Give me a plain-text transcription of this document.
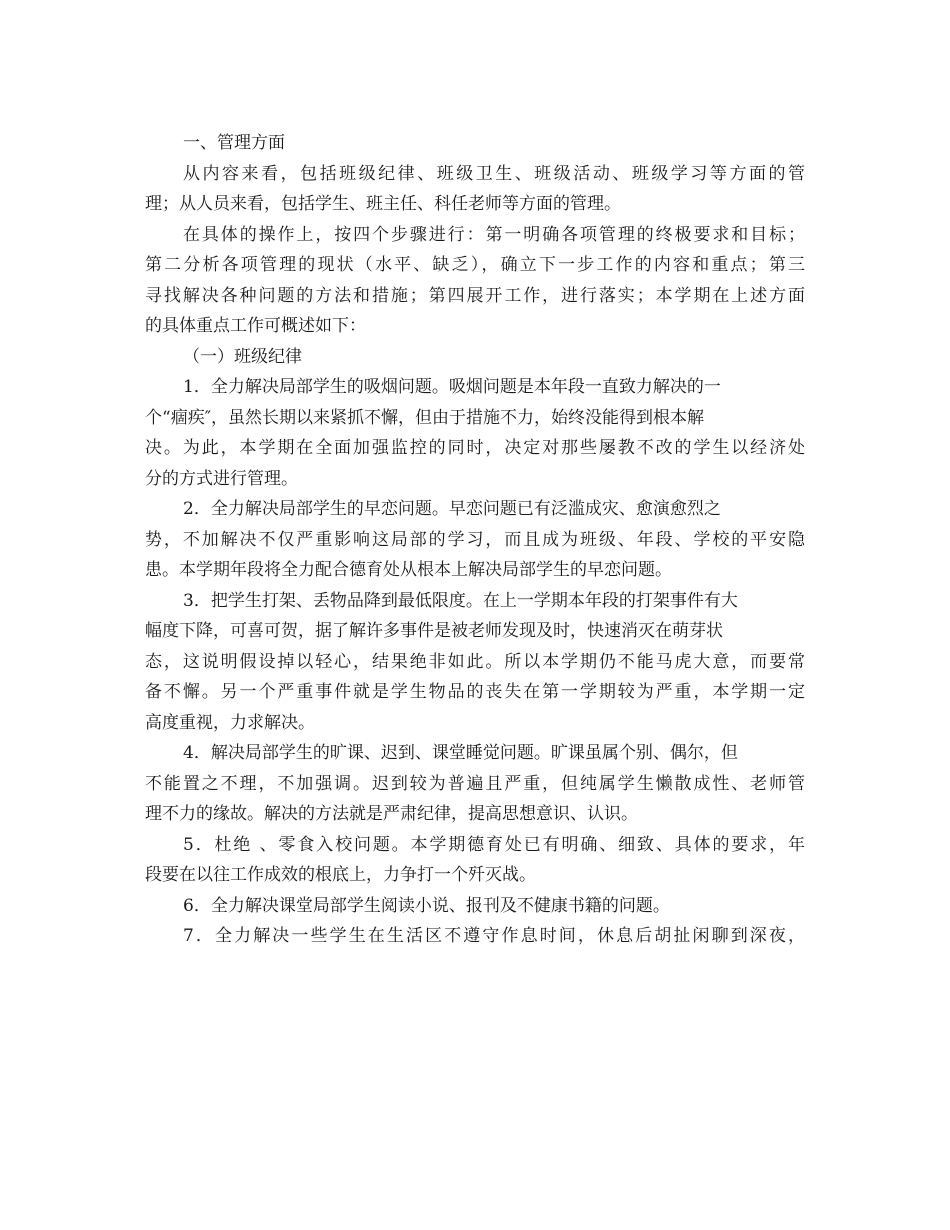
一、管理方面
从内容来看，包括班级纪律、班级卫生、班级活动、班级学习等方面的管
理；从人员来看，包括学生、班主任、科任老师等方面的管理。
在具体的操作上，按四个步骤进行：第一明确各项管理的终极要求和目标；
第二分析各项管理的现状（水平、缺乏），确立下一步工作的内容和重点；第三
寻找解决各种问题的方法和措施；第四展开工作，进行落实；本学期在上述方面
的具体重点工作可概述如下：
（一）班级纪律
1．全力解决局部学生的吸烟问题。吸烟问题是本年段一直致力解决的一
个“痼疾″，虽然长期以来紧抓不懈，但由于措施不力，始终没能得到根本解
决。为此，本学期在全面加强监控的同时，决定对那些屡教不改的学生以经济处
分的方式进行管理。
2．全力解决局部学生的早恋问题。早恋问题已有泛滥成灾、愈演愈烈之
势，不加解决不仅严重影响这局部的学习，而且成为班级、年段、学校的平安隐
患。本学期年段将全力配合德育处从根本上解决局部学生的早恋问题。
3．把学生打架、丢物品降到最低限度。在上一学期本年段的打架事件有大
幅度下降，可喜可贺，据了解许多事件是被老师发现及时，快速消灭在萌芽状
态，这说明假设掉以轻心，结果绝非如此。所以本学期仍不能马虎大意，而要常
备不懈。另一个严重事件就是学生物品的丧失在第一学期较为严重，本学期一定
高度重视，力求解决。
4．解决局部学生的旷课、迟到、课堂睡觉问题。旷课虽属个别、偶尔，但
不能置之不理，不加强调。迟到较为普遍且严重，但纯属学生懒散成性、老师管
理不力的缘故。解决的方法就是严肃纪律，提高思想意识、认识。
5．杜绝 、零食入校问题。本学期德育处已有明确、细致、具体的要求，年
段要在以往工作成效的根底上，力争打一个歼灭战。
6．全力解决课堂局部学生阅读小说、报刊及不健康书籍的问题。
7．全力解决一些学生在生活区不遵守作息时间，休息后胡扯闲聊到深夜，
